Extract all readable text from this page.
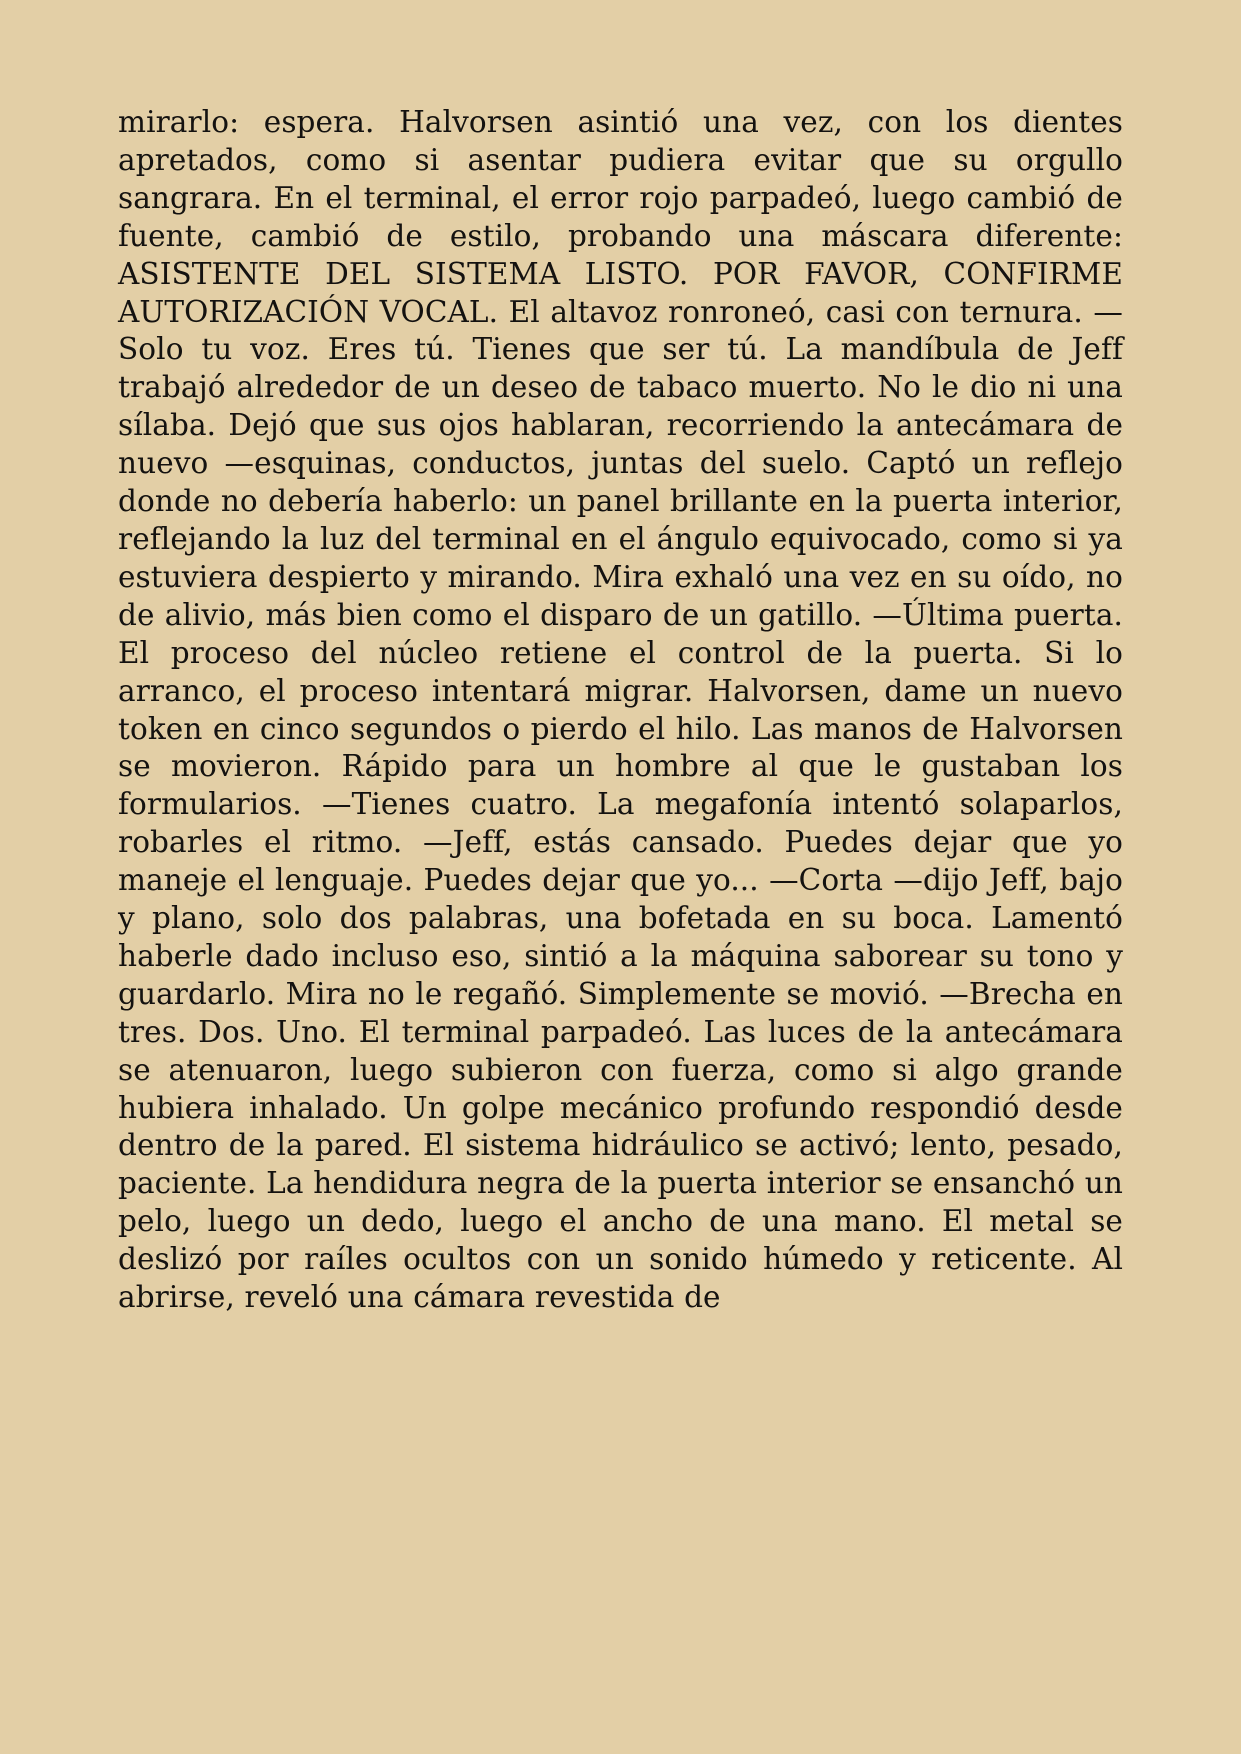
mirarlo: espera. Halvorsen asintió una vez, con los dientes apretados, como si asentar pudiera evitar que su orgullo sangrara. En el terminal, el error rojo parpadeó, luego cambió de fuente, cambió de estilo, probando una máscara diferente: ASISTENTE DEL SISTEMA LISTO. POR FAVOR, CONFIRME AUTORIZACIÓN VOCAL. El altavoz ronroneó, casi con ternura. —Solo tu voz. Eres tú. Tienes que ser tú. La mandíbula de Jeff trabajó alrededor de un deseo de tabaco muerto. No le dio ni una sílaba. Dejó que sus ojos hablaran, recorriendo la antecámara de nuevo —esquinas, conductos, juntas del suelo. Captó un reflejo donde no debería haberlo: un panel brillante en la puerta interior, reflejando la luz del terminal en el ángulo equivocado, como si ya estuviera despierto y mirando. Mira exhaló una vez en su oído, no de alivio, más bien como el disparo de un gatillo. —Última puerta. El proceso del núcleo retiene el control de la puerta. Si lo arranco, el proceso intentará migrar. Halvorsen, dame un nuevo token en cinco segundos o pierdo el hilo. Las manos de Halvorsen se movieron. Rápido para un hombre al que le gustaban los formularios. —Tienes cuatro. La megafonía intentó solaparlos, robarles el ritmo. —Jeff, estás cansado. Puedes dejar que yo maneje el lenguaje. Puedes dejar que yo... —Corta —dijo Jeff, bajo y plano, solo dos palabras, una bofetada en su boca. Lamentó haberle dado incluso eso, sintió a la máquina saborear su tono y guardarlo. Mira no le regañó. Simplemente se movió. —Brecha en tres. Dos. Uno. El terminal parpadeó. Las luces de la antecámara se atenuaron, luego subieron con fuerza, como si algo grande hubiera inhalado. Un golpe mecánico profundo respondió desde dentro de la pared. El sistema hidráulico se activó; lento, pesado, paciente. La hendidura negra de la puerta interior se ensanchó un pelo, luego un dedo, luego el ancho de una mano. El metal se deslizó por raíles ocultos con un sonido húmedo y reticente. Al abrirse, reveló una cámara revestida de
